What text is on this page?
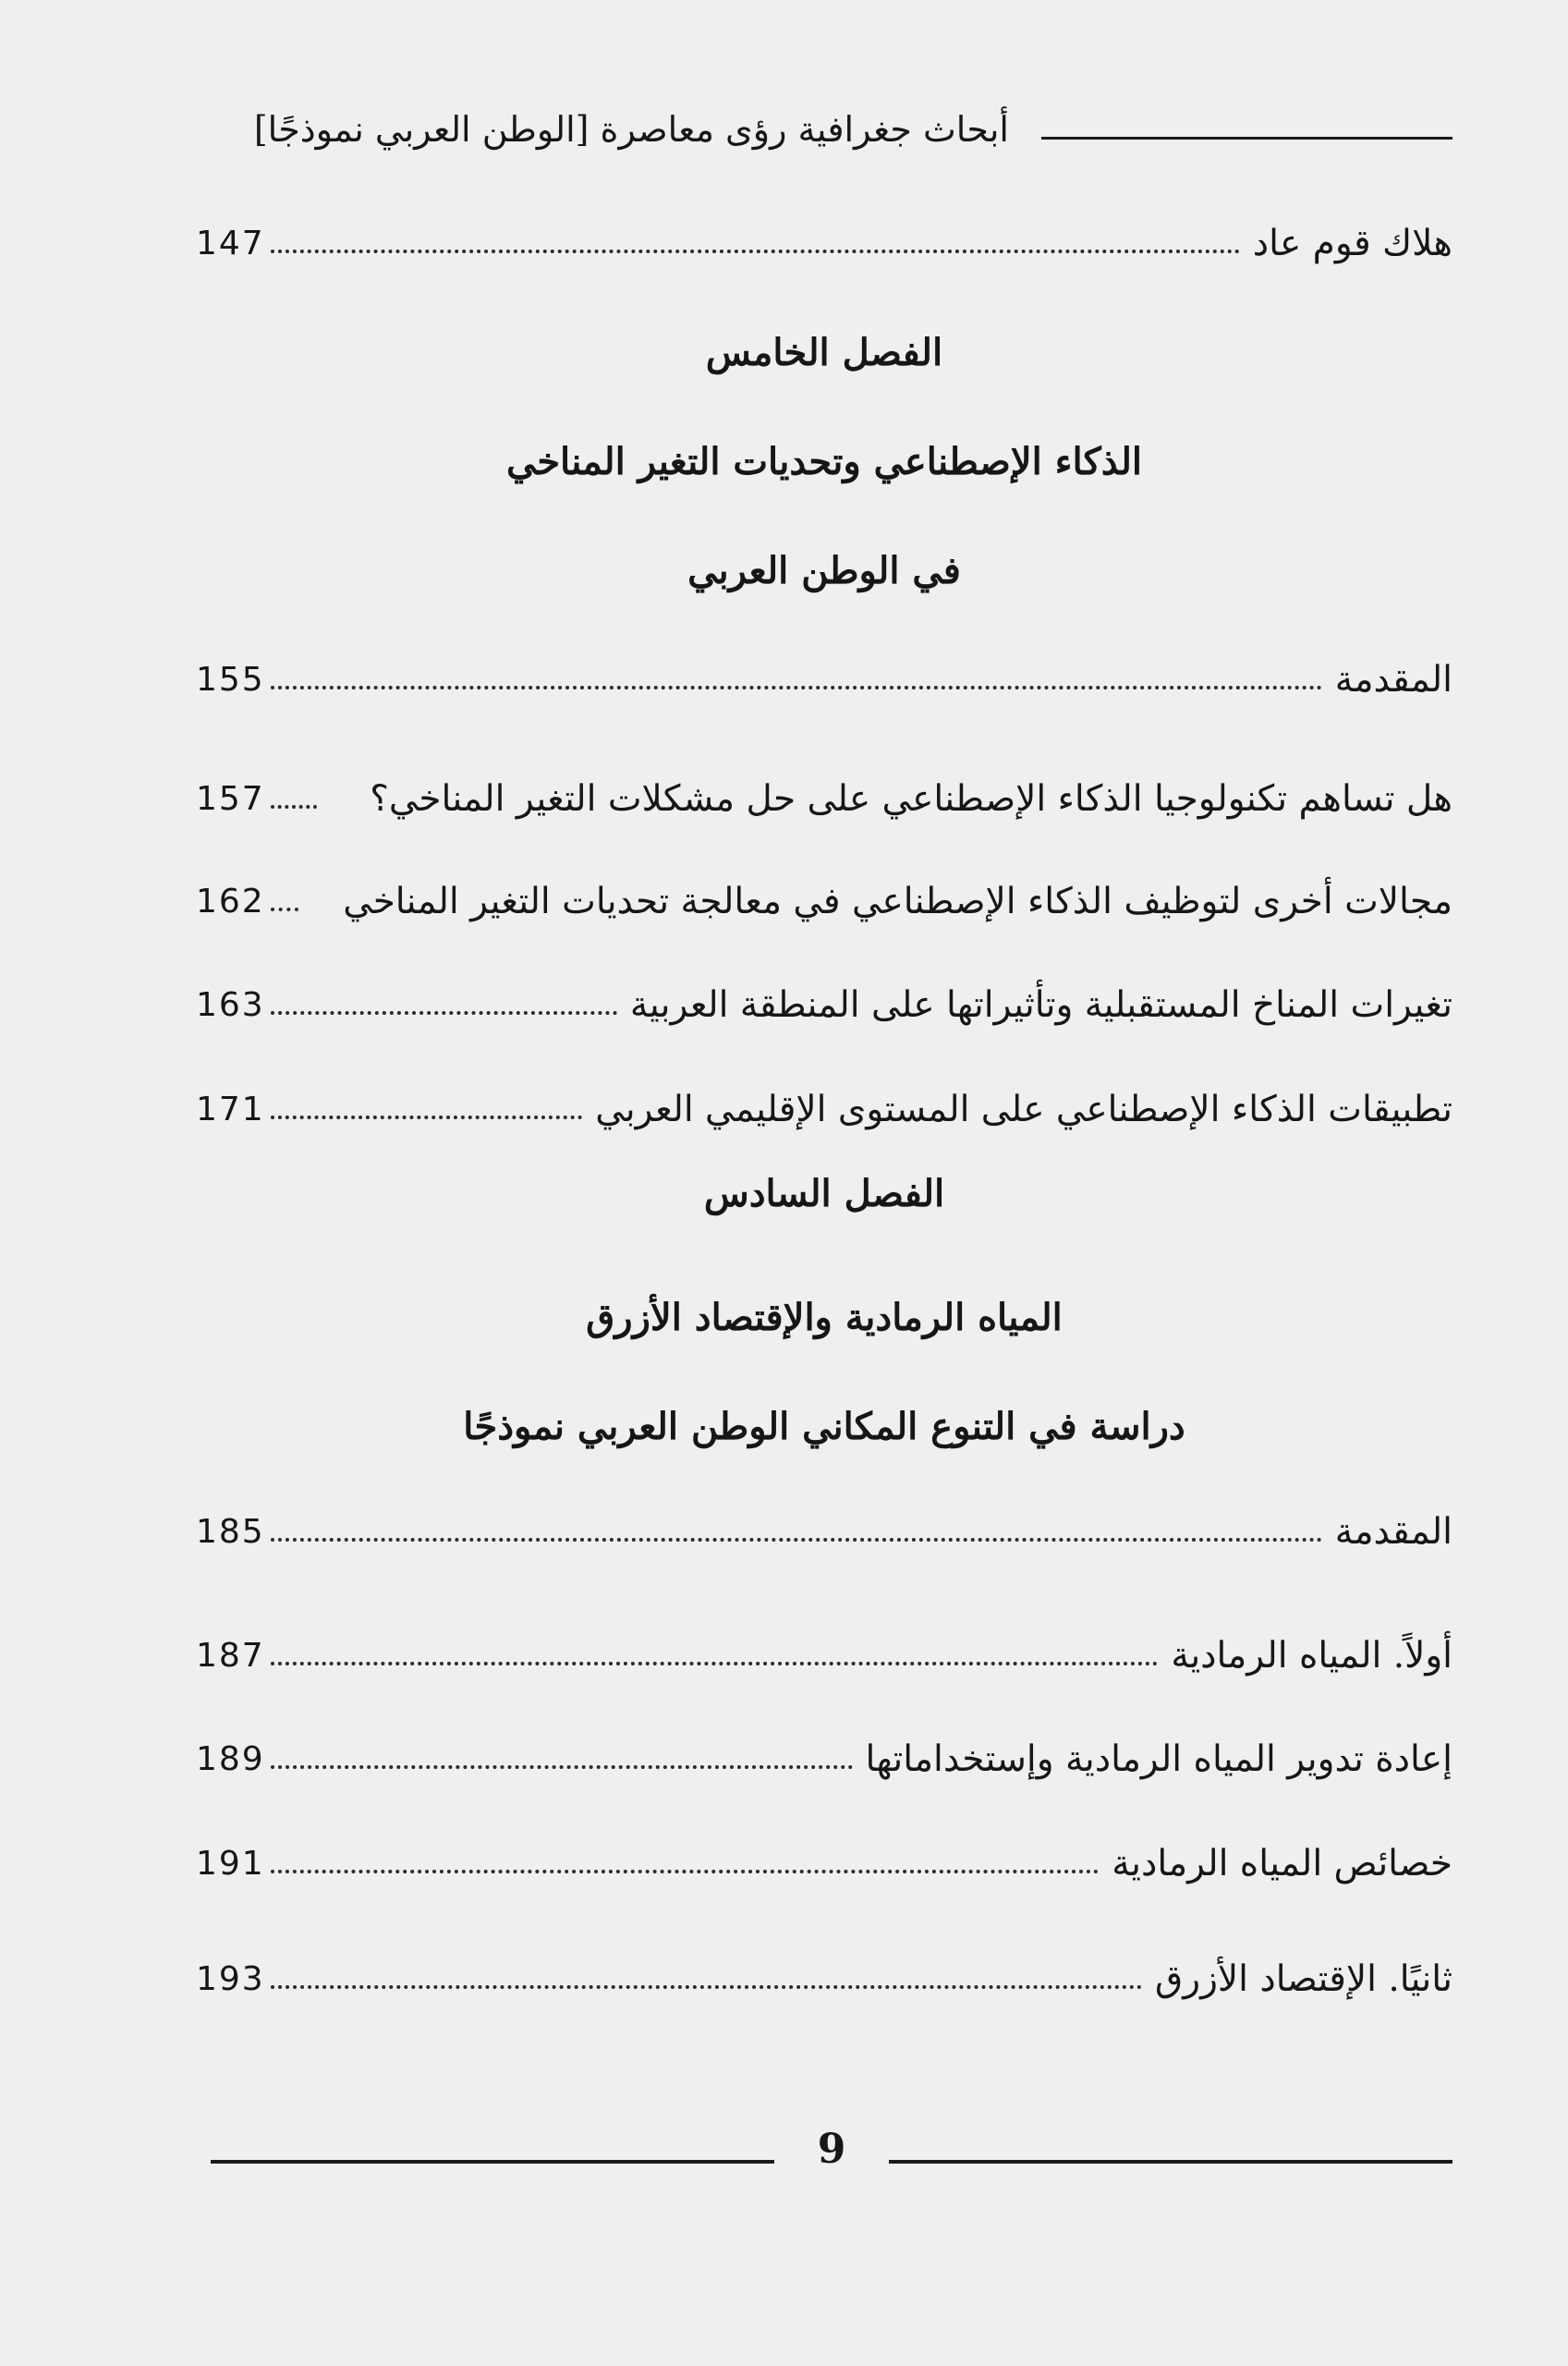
أبحاث جغرافية رؤى معاصرة [الوطن العربي نموذجًا]
147	هلاك قوم عاد
الفصل الخامس
الذكاء الإصطناعي وتحديات التغير المناخي
في الوطن العربي
155	المقدمة
157	هل تساهم تكنولوجيا الذكاء الإصطناعي على حل مشكلات التغير المناخي؟
162	مجالات أخرى لتوظيف الذكاء الإصطناعي في معالجة تحديات التغير المناخي
163	تغيرات المناخ المستقبلية وتأثيراتها على المنطقة العربية
171	تطبيقات الذكاء الإصطناعي على المستوى الإقليمي العربي
الفصل السادس
المياه الرمادية والإقتصاد الأزرق
دراسة في التنوع المكاني الوطن العربي نموذجًا
185	المقدمة
187	أولاً. المياه الرمادية
189	إعادة تدوير المياه الرمادية وإستخداماتها
191	خصائص المياه الرمادية
193	ثانيًا. الإقتصاد الأزرق
9
